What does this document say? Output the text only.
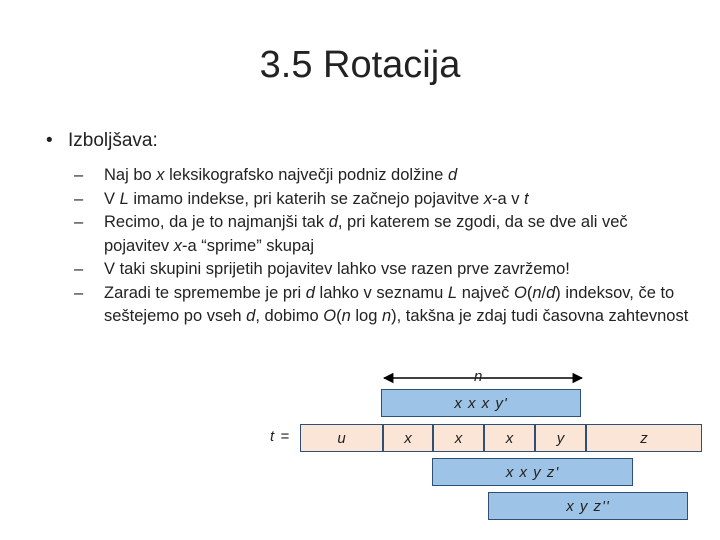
3.5 Rotacija
• Izboljšava:
– Naj bo x leksikografsko največji podniz dolžine d
– V L imamo indekse, pri katerih se začnejo pojavitve x-a v t
– Recimo, da je to najmanjši tak d, pri katerem se zgodi, da se dve ali več pojavitev x-a “sprime” skupaj
– V taki skupini sprijetih pojavitev lahko vse razen prve zavržemo!
– Zaradi te spremembe je pri d lahko v seznamu L največ O(n/d) indeksov, če to seštejemo po vseh d, dobimo O(n log n), takšna je zdaj tudi časovna zahtevnost
n
x x x y'
t =	u	x	x	x	y	z
x x y z'
x y z''
